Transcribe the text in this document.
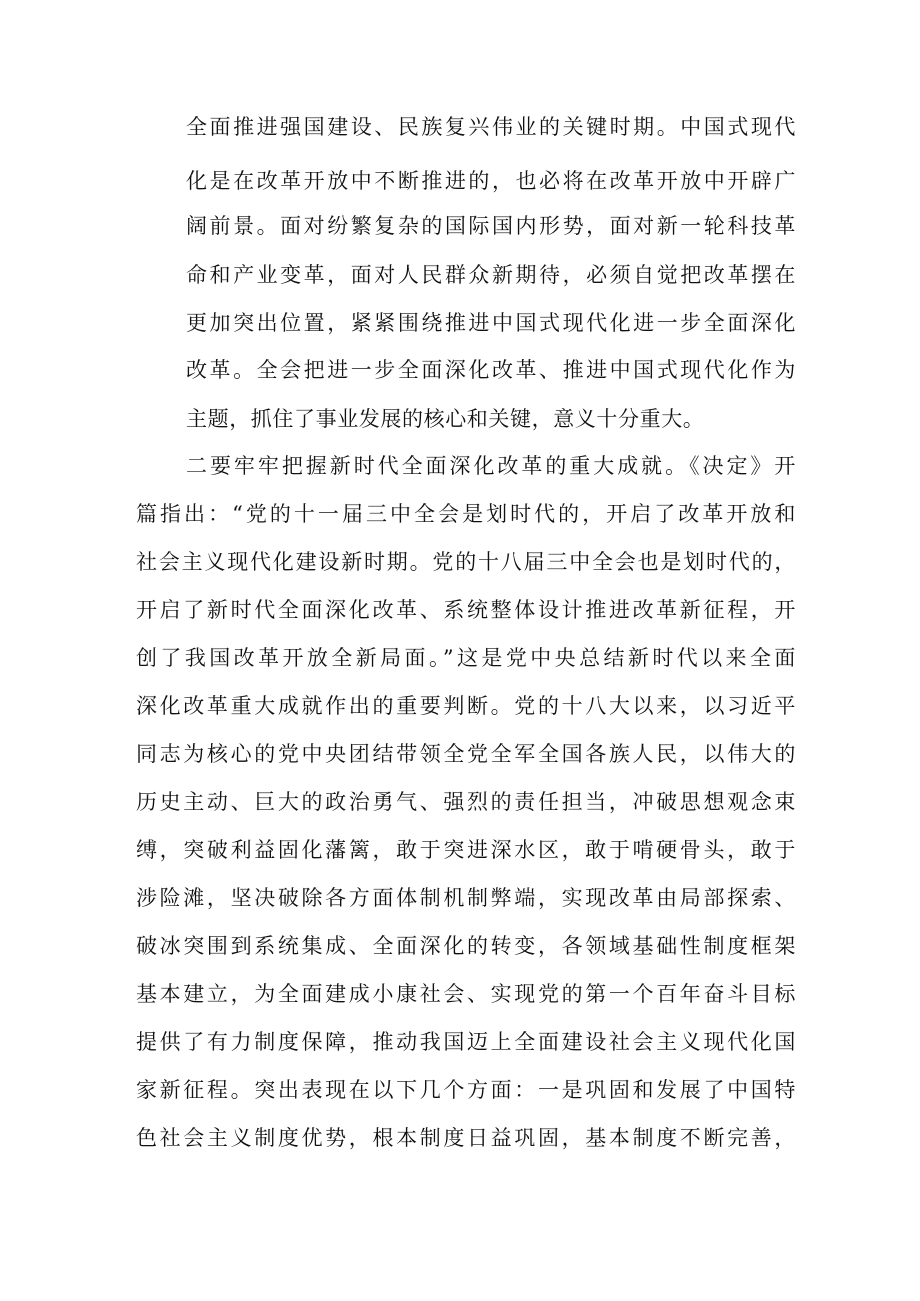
全面推进强国建设、民族复兴伟业的关键时期。中国式现代
化是在改革开放中不断推进的，也必将在改革开放中开辟广
阔前景。面对纷繁复杂的国际国内形势，面对新一轮科技革
命和产业变革，面对人民群众新期待，必须自觉把改革摆在
更加突出位置，紧紧围绕推进中国式现代化进一步全面深化
改革。全会把进一步全面深化改革、推进中国式现代化作为
主题，抓住了事业发展的核心和关键，意义十分重大。
二要牢牢把握新时代全面深化改革的重大成就。《决定》开
篇指出：“党的十一届三中全会是划时代的，开启了改革开放和
社会主义现代化建设新时期。党的十八届三中全会也是划时代的，
开启了新时代全面深化改革、系统整体设计推进改革新征程，开
创了我国改革开放全新局面。”这是党中央总结新时代以来全面
深化改革重大成就作出的重要判断。党的十八大以来，以习近平
同志为核心的党中央团结带领全党全军全国各族人民，以伟大的
历史主动、巨大的政治勇气、强烈的责任担当，冲破思想观念束
缚，突破利益固化藩篱，敢于突进深水区，敢于啃硬骨头，敢于
涉险滩，坚决破除各方面体制机制弊端，实现改革由局部探索、
破冰突围到系统集成、全面深化的转变，各领域基础性制度框架
基本建立，为全面建成小康社会、实现党的第一个百年奋斗目标
提供了有力制度保障，推动我国迈上全面建设社会主义现代化国
家新征程。突出表现在以下几个方面：一是巩固和发展了中国特
色社会主义制度优势，根本制度日益巩固，基本制度不断完善，
